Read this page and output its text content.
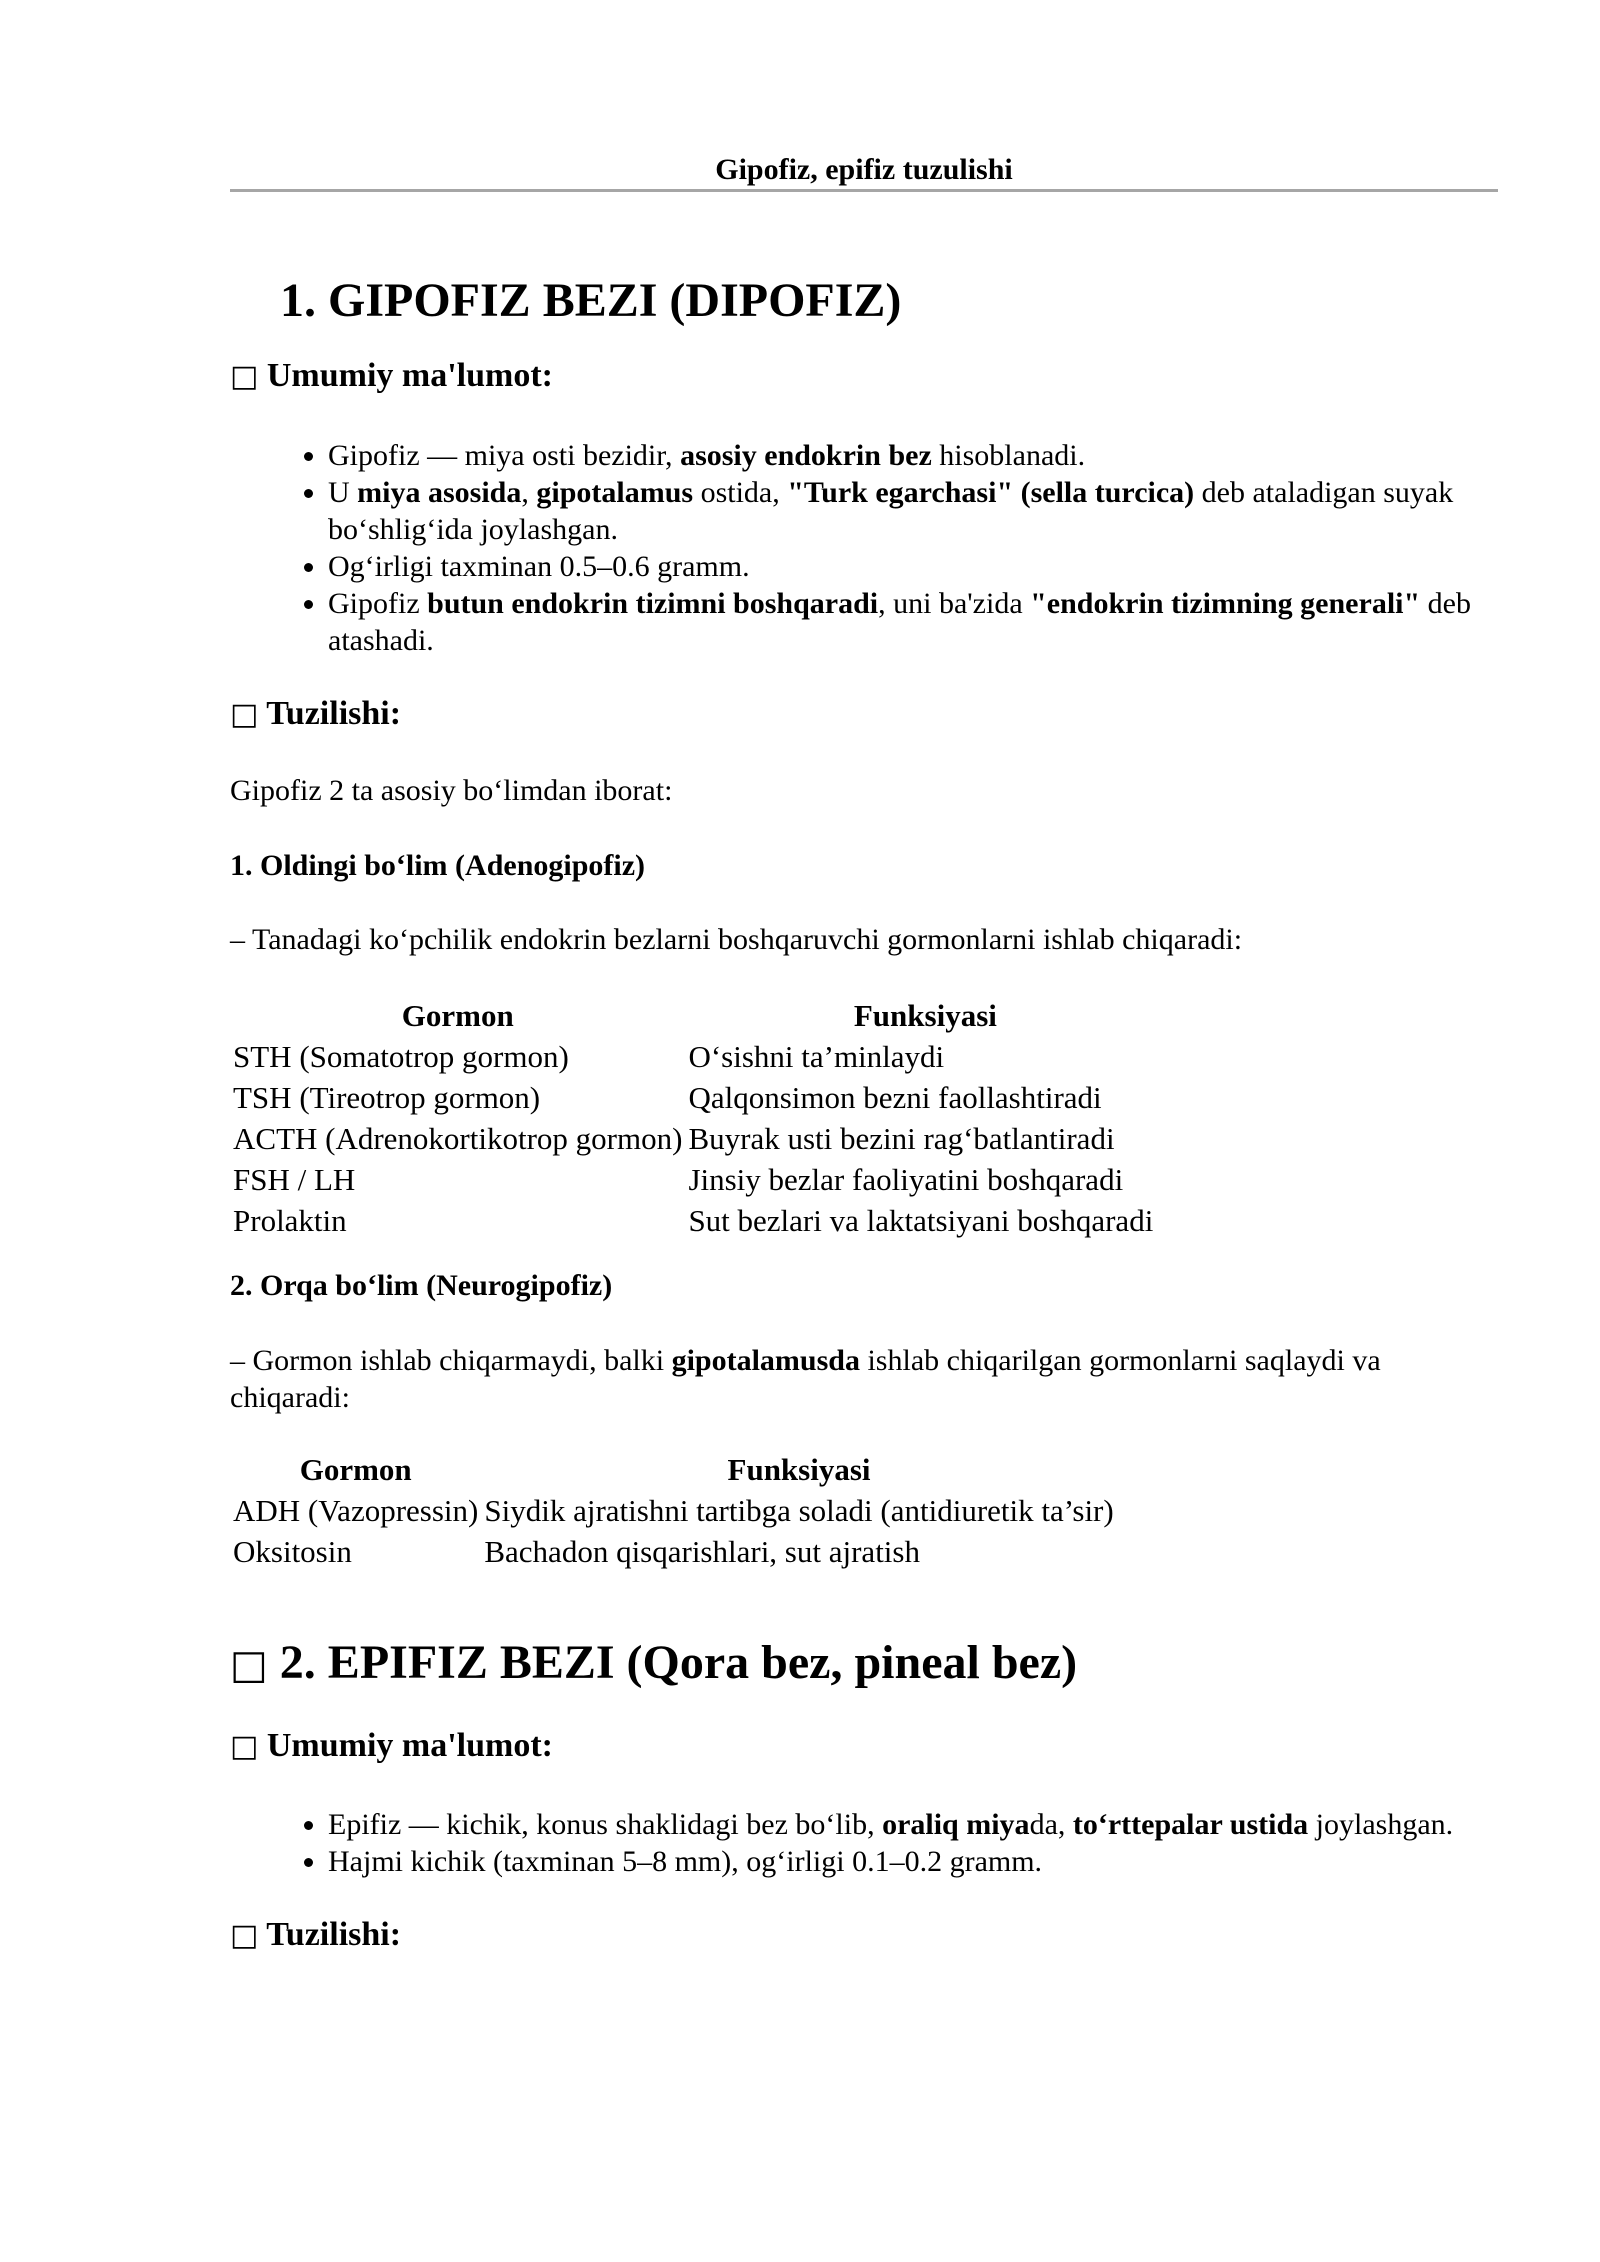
Gipofiz, epifiz tuzulishi
1. GIPOFIZ BEZI (DIPOFIZ)
□ Umumiy ma'lumot:
• Gipofiz — miya osti bezidir, asosiy endokrin bez hisoblanadi.
• U miya asosida, gipotalamus ostida, "Turk egarchasi" (sella turcica) deb ataladigan suyak bo‘shlig‘ida joylashgan.
• Og‘irligi taxminan 0.5–0.6 gramm.
• Gipofiz butun endokrin tizimni boshqaradi, uni ba'zida "endokrin tizimning generali" deb atashadi.
□ Tuzilishi:

Gipofiz 2 ta asosiy bo‘limdan iborat:

1. Oldingi bo‘lim (Adenogipofiz)

– Tanadagi ko‘pchilik endokrin bezlarni boshqaruvchi gormonlarni ishlab chiqaradi:

Gormon	Funksiyasi
STH (Somatotrop gormon)	O‘sishni ta’minlaydi
TSH (Tireotrop gormon)	Qalqonsimon bezni faollashtiradi
ACTH (Adrenokortikotrop gormon)	Buyrak usti bezini rag‘batlantiradi
FSH / LH	Jinsiy bezlar faoliyatini boshqaradi
Prolaktin	Sut bezlari va laktatsiyani boshqaradi

2. Orqa bo‘lim (Neurogipofiz)

– Gormon ishlab chiqarmaydi, balki gipotalamusda ishlab chiqarilgan gormonlarni saqlaydi va chiqaradi:

Gormon	Funksiyasi
ADH (Vazopressin)	Siydik ajratishni tartibga soladi (antidiuretik ta’sir)
Oksitosin	Bachadon qisqarishlari, sut ajratish
□ 2. EPIFIZ BEZI (Qora bez, pineal bez)
□ Umumiy ma'lumot:
• Epifiz — kichik, konus shaklidagi bez bo‘lib, oraliq miyada, to‘rttepalar ustida joylashgan.
• Hajmi kichik (taxminan 5–8 mm), og‘irligi 0.1–0.2 gramm.
□ Tuzilishi:
